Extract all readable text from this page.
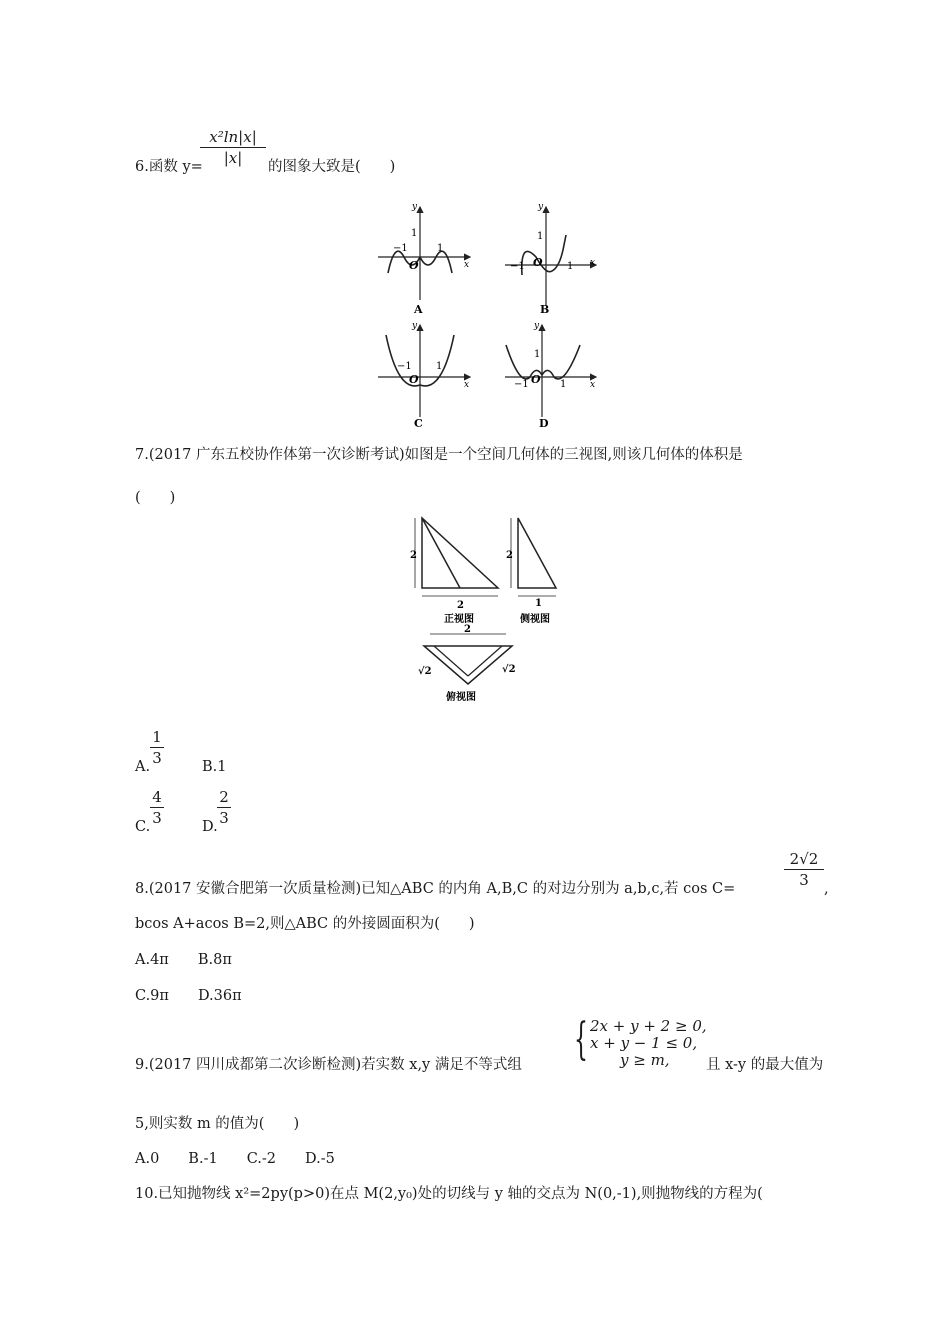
x²ln|x|
|x|
6.函数 y=	的图象大致是(　　)
y
x
1
−1	1
O
A
y
x
1
−1	1
O
B
y
x
−1 1
O
C
y
x
1
−1	1
O
D
7.(2017 广东五校协作体第一次诊断考试)如图是一个空间几何体的三视图,则该几何体的体积是
(　　)
2
2
正视图
2
1
侧视图
2
√2	√2
俯视图
A.
1
3	B.1
C.
4
3	D.
2
3
8.(2017 安徽合肥第一次质量检测)已知△ABC 的内角 A,B,C 的对边分别为 a,b,c,若 cos C=
2√2
3	,
bcos A+acos B=2,则△ABC 的外接圆面积为(　　)
A.4π　　B.8π
C.9π　　D.36π
9.(2017 四川成都第二次诊断检测)若实数 x,y 满足不等式组 { 2x + y + 2 ≥ 0,
x + y − 1 ≤ 0,
y ≥ m,	且 x-y 的最大值为
5,则实数 m 的值为(　　)
A.0　　B.-1　　C.-2　　D.-5
10.已知抛物线 x²=2py(p>0)在点 M(2,y₀)处的切线与 y 轴的交点为 N(0,-1),则抛物线的方程为(
